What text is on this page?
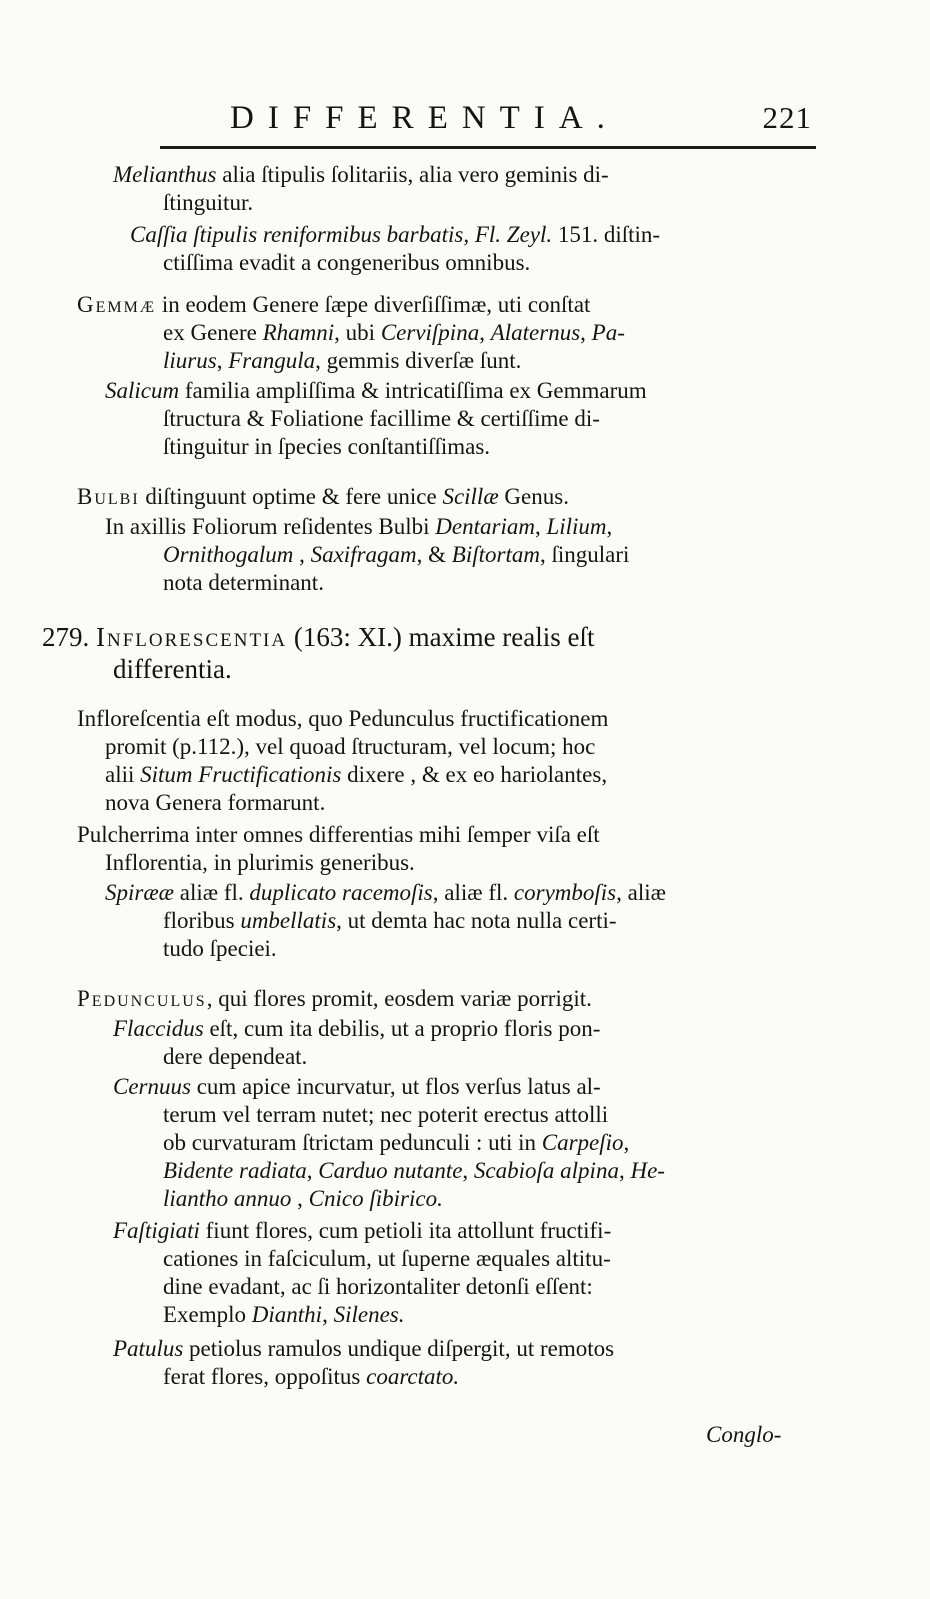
DIFFERENTIA.	221
Melianthus alia ſtipulis ſolitariis, alia vero geminis di-
ſtinguitur.
Caſſia ſtipulis reniformibus barbatis, Fl. Zeyl. 151. diſtin-
ctiſſima evadit a congeneribus omnibus.
Gemmæ in eodem Genere ſæpe diverſiſſimæ, uti conſtat
ex Genere Rhamni, ubi Cerviſpina, Alaternus, Pa-
liurus, Frangula, gemmis diverſæ ſunt.
Salicum familia ampliſſima & intricatiſſima ex Gemmarum
ſtructura & Foliatione facillime & certiſſime di-
ſtinguitur in ſpecies conſtantiſſimas.
Bulbi diſtinguunt optime & fere unice Scillæ Genus.
In axillis Foliorum reſidentes Bulbi Dentariam, Lilium,
Ornithogalum , Saxifragam, & Biſtortam, ſingulari
nota determinant.
279. Inflorescentia (163: XI.) maxime realis eſt
differentia.
Infloreſcentia eſt modus, quo Pedunculus fructificationem
promit (p.112.), vel quoad ſtructuram, vel locum; hoc
alii Situm Fructificationis dixere , & ex eo hariolantes,
nova Genera formarunt.
Pulcherrima inter omnes differentias mihi ſemper viſa eſt
Inflorentia, in plurimis generibus.
Spirææ aliæ fl. duplicato racemoſis, aliæ fl. corymboſis, aliæ
floribus umbellatis, ut demta hac nota nulla certi-
tudo ſpeciei.
Pedunculus, qui flores promit, eosdem variæ porrigit.
Flaccidus eſt, cum ita debilis, ut a proprio floris pon-
dere dependeat.
Cernuus cum apice incurvatur, ut flos verſus latus al-
terum vel terram nutet; nec poterit erectus attolli
ob curvaturam ſtrictam pedunculi : uti in Carpeſio,
Bidente radiata, Carduo nutante, Scabioſa alpina, He-
liantho annuo , Cnico ſibirico.
Faſtigiati fiunt flores, cum petioli ita attollunt fructifi-
cationes in faſciculum, ut ſuperne æquales altitu-
dine evadant, ac ſi horizontaliter detonſi eſſent:
Exemplo Dianthi, Silenes.
Patulus petiolus ramulos undique diſpergit, ut remotos
ferat flores, oppoſitus coarctato.
Conglo-
